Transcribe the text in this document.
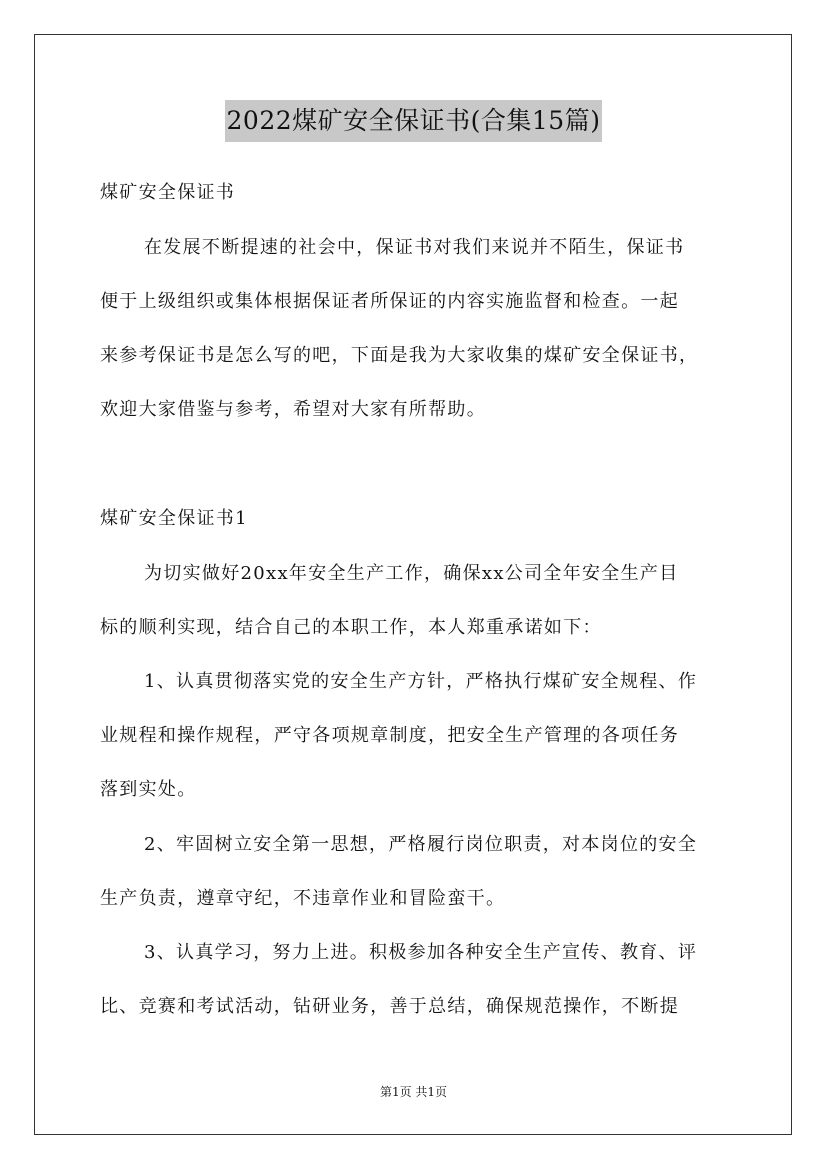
2022煤矿安全保证书(合集15篇)
煤矿安全保证书
在发展不断提速的社会中，保证书对我们来说并不陌生，保证书
便于上级组织或集体根据保证者所保证的内容实施监督和检查。一起
来参考保证书是怎么写的吧，下面是我为大家收集的煤矿安全保证书，
欢迎大家借鉴与参考，希望对大家有所帮助。
煤矿安全保证书1
为切实做好20xx年安全生产工作，确保xx公司全年安全生产目
标的顺利实现，结合自己的本职工作，本人郑重承诺如下：
1、认真贯彻落实党的安全生产方针，严格执行煤矿安全规程、作
业规程和操作规程，严守各项规章制度，把安全生产管理的各项任务
落到实处。
2、牢固树立安全第一思想，严格履行岗位职责，对本岗位的安全
生产负责，遵章守纪，不违章作业和冒险蛮干。
3、认真学习，努力上进。积极参加各种安全生产宣传、教育、评
比、竞赛和考试活动，钻研业务，善于总结，确保规范操作，不断提
第1页 共1页
